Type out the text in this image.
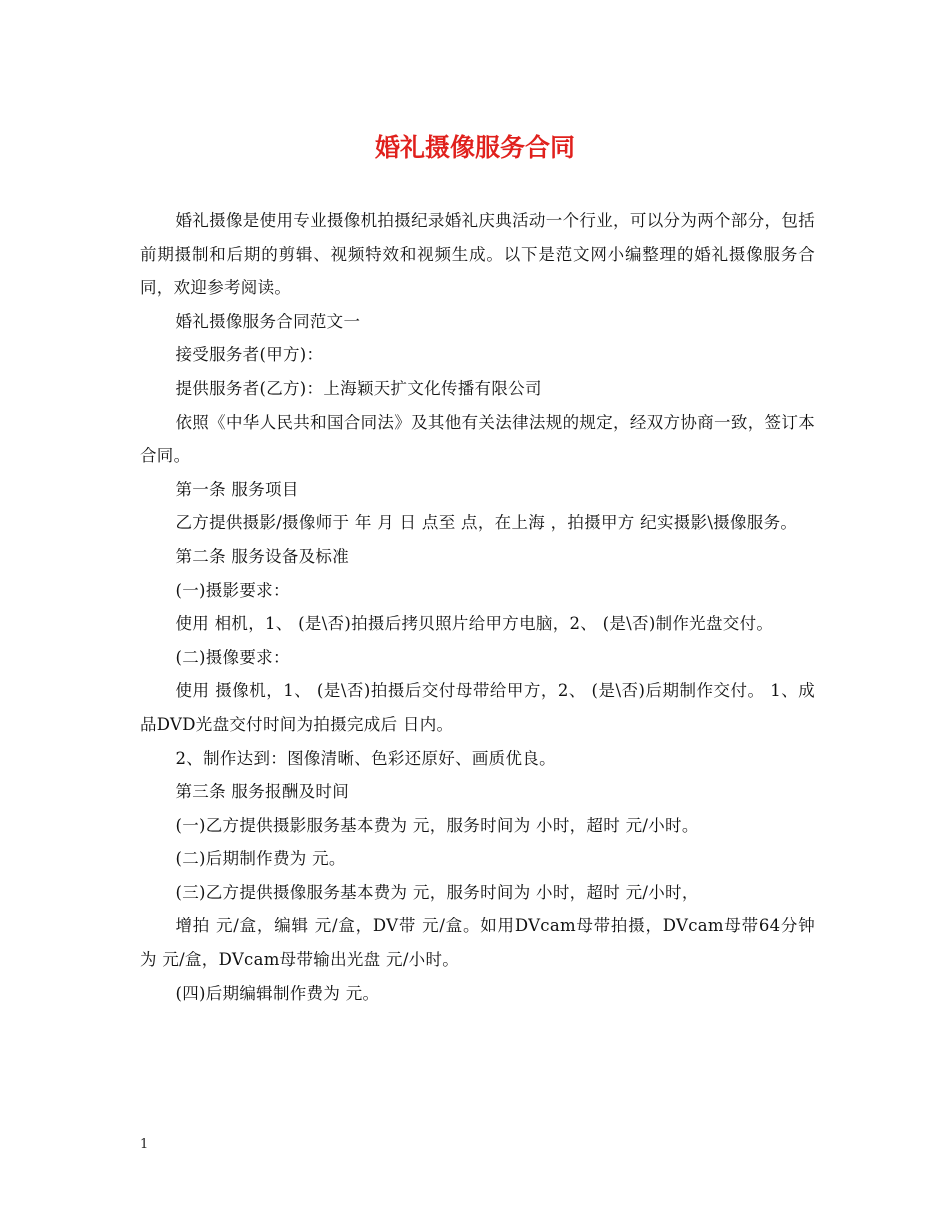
婚礼摄像服务合同

婚礼摄像是使用专业摄像机拍摄纪录婚礼庆典活动一个行业，可以分为两个部分，包括前期摄制和后期的剪辑、视频特效和视频生成。以下是范文网小编整理的婚礼摄像服务合同，欢迎参考阅读。

婚礼摄像服务合同范文一

接受服务者(甲方)：

提供服务者(乙方)：上海颖天扩文化传播有限公司

依照《中华人民共和国合同法》及其他有关法律法规的规定，经双方协商一致，签订本合同。

第一条 服务项目

乙方提供摄影/摄像师于 年 月 日 点至 点，在上海 ，拍摄甲方 纪实摄影\摄像服务。

第二条 服务设备及标准

(一)摄影要求：

使用 相机，1、 (是\否)拍摄后拷贝照片给甲方电脑，2、 (是\否)制作光盘交付。

(二)摄像要求：

使用 摄像机，1、 (是\否)拍摄后交付母带给甲方，2、 (是\否)后期制作交付。 1、成品DVD光盘交付时间为拍摄完成后 日内。

2、制作达到：图像清晰、色彩还原好、画质优良。

第三条 服务报酬及时间

(一)乙方提供摄影服务基本费为 元，服务时间为 小时，超时 元/小时。

(二)后期制作费为 元。

(三)乙方提供摄像服务基本费为 元，服务时间为 小时，超时 元/小时，

增拍 元/盒，编辑 元/盒，DV带 元/盒。如用DVcam母带拍摄，DVcam母带64分钟 为 元/盒，DVcam母带输出光盘 元/小时。

(四)后期编辑制作费为 元。

1
